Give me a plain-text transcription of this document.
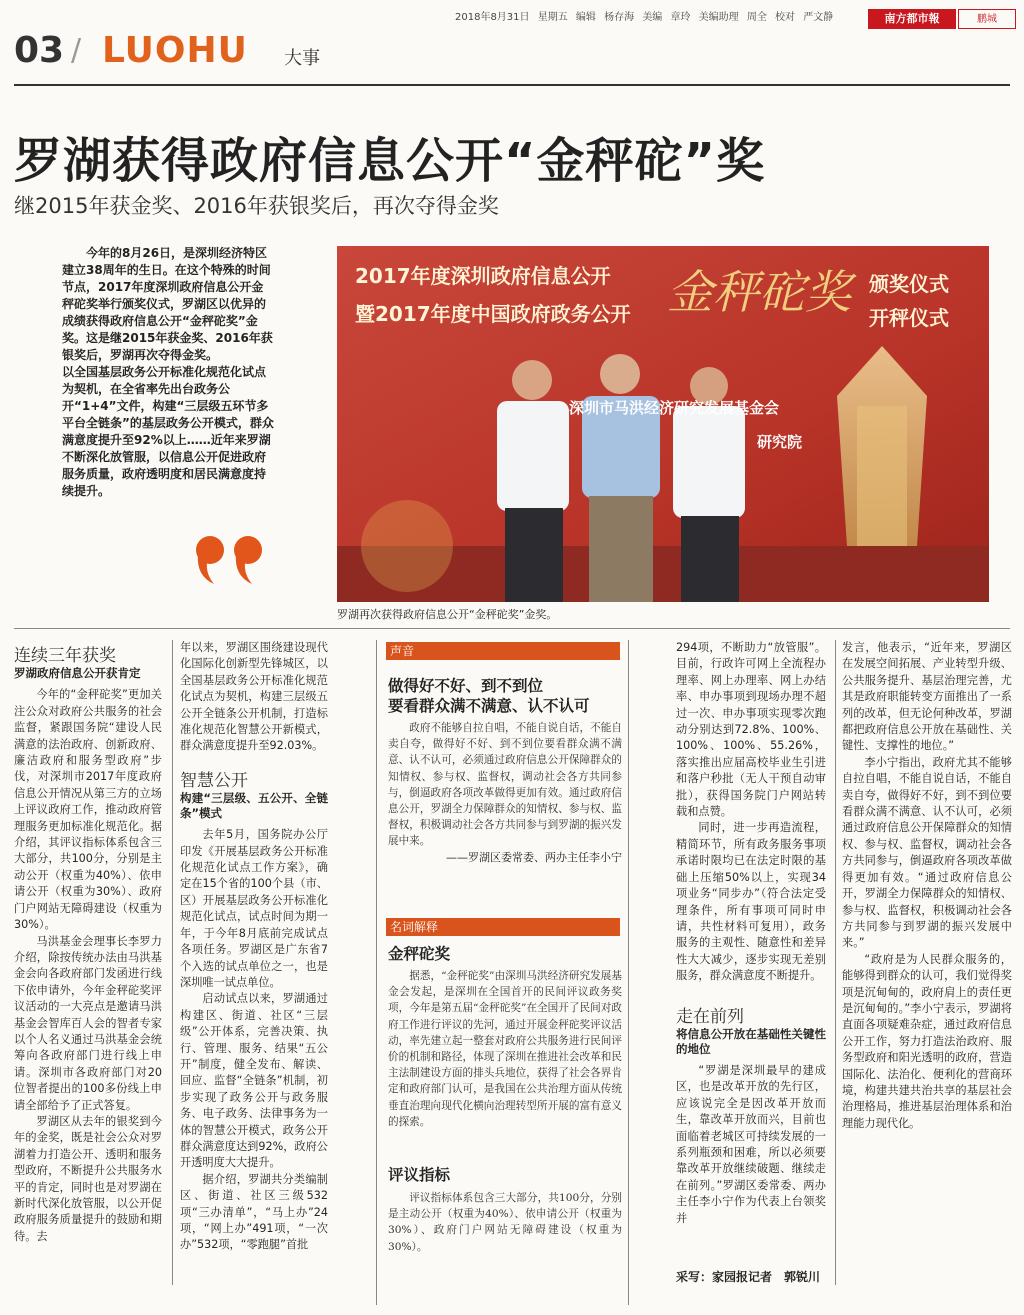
2018年8月31日 星期五 编辑 杨存海 美编 章玲 美编助理 周全 校对 严文静	南方都市報	鹏城
03 / LUOHU 大事
罗湖获得政府信息公开“金秤砣”奖
继2015年获金奖、2016年获银奖后，再次夺得金奖

今年的8月26日，是深圳经济特区建立38周年的生日。在这个特殊的时间节点，2017年度深圳政府信息公开金秤砣奖举行颁奖仪式，罗湖区以优异的成绩获得政府信息公开“金秤砣奖”金奖。这是继2015年获金奖、2016年获银奖后，罗湖再次夺得金奖。

以全国基层政务公开标准化规范化试点为契机，在全省率先出台政务公开“1+4”文件，构建“三层级五环节多平台全链条”的基层政务公开模式，群众满意度提升至92%以上……近年来罗湖不断深化放管服，以信息公开促进政府服务质量，政府透明度和居民满意度持续提升。

2017年度深圳政府信息公开
暨2017年度中国政府政务公开 金秤砣奖 颁奖仪式
开秤仪式
深圳市马洪经济研究发展基金会
研究院
罗湖再次获得政府信息公开“金秤砣奖”金奖。
连续三年获奖
罗湖政府信息公开获肯定

今年的“金秤砣奖”更加关注公众对政府公共服务的社会监督，紧跟国务院“建设人民满意的法治政府、创新政府、廉洁政府和服务型政府”步伐，对深圳市2017年度政府信息公开情况从第三方的立场上评议政府工作，推动政府管理服务更加标准化规范化。据介绍，其评议指标体系包含三大部分，共100分，分别是主动公开（权重为40%）、依申请公开（权重为30%）、政府门户网站无障碍建设（权重为30%）。

马洪基金会理事长李罗力介绍，除按传统办法由马洪基金会向各政府部门发函进行线下依申请外，今年金秤砣奖评议活动的一大亮点是邀请马洪基金会智库百人会的智者专家以个人名义通过马洪基金会统筹向各政府部门进行线上申请。深圳市各政府部门对20位智者提出的100多份线上申请全部给予了正式答复。

罗湖区从去年的银奖到今年的金奖，既是社会公众对罗湖着力打造公开、透明和服务型政府，不断提升公共服务水平的肯定，同时也是对罗湖在新时代深化放管服，以公开促政府服务质量提升的鼓励和期待。去

年以来，罗湖区围绕建设现代化国际化创新型先锋城区，以全国基层政务公开标准化规范化试点为契机，构建三层级五公开全链条公开机制，打造标准化规范化智慧公开新模式，群众满意度提升至92.03%。

智慧公开
构建“三层级、五公开、全链条”模式

去年5月，国务院办公厅印发《开展基层政务公开标准化规范化试点工作方案》，确定在15个省的100个县（市、区）开展基层政务公开标准化规范化试点，试点时间为期一年，于今年8月底前完成试点各项任务。罗湖区是广东省7个入选的试点单位之一，也是深圳唯一试点单位。

启动试点以来，罗湖通过构建区、街道、社区“三层级”公开体系，完善决策、执行、管理、服务、结果“五公开”制度，健全发布、解读、回应、监督“全链条”机制，初步实现了政务公开与政务服务、电子政务、法律事务为一体的智慧公开模式，政务公开群众满意度达到92%，政府公开透明度大大提升。

据介绍，罗湖共分类编制区、街道、社区三级532项“三办清单”，“马上办”24项，“网上办”491项，“一次办”532项，“零跑腿”首批

声音
做得好不好、到不到位
要看群众满不满意、认不认可

政府不能够自拉自唱，不能自说自话，不能自卖自夸，做得好不好、到不到位要看群众满不满意、认不认可，必须通过政府信息公开保障群众的知情权、参与权、监督权，调动社会各方共同参与，倒逼政府各项改革做得更加有效。通过政府信息公开，罗湖全力保障群众的知情权、参与权、监督权，积极调动社会各方共同参与到罗湖的振兴发展中来。

——罗湖区委常委、两办主任李小宁
名词解释
金秤砣奖

据悉，“金秤砣奖”由深圳马洪经济研究发展基金会发起，是深圳在全国首开的民间评议政务奖项，今年是第五届“金秤砣奖”在全国开了民间对政府工作进行评议的先河，通过开展金秤砣奖评议活动，率先建立起一整套对政府公共服务进行民间评价的机制和路径，体现了深圳在推进社会改革和民主法制建设方面的排头兵地位，获得了社会各界肯定和政府部门认可，是我国在公共治理方面从传统垂直治理向现代化横向治理转型所开展的富有意义的探索。

评议指标

评议指标体系包含三大部分，共100分，分别是主动公开（权重为40%）、依申请公开（权重为30%）、政府门户网站无障碍建设（权重为30%）。

294项，不断助力“放管服”。目前，行政许可网上全流程办理率、网上办理率、网上办结率、申办事项到现场办理不超过一次、申办事项实现零次跑动分别达到72.8%、100%、100%、100%、55.26%，落实推出应届高校毕业生引进和落户秒批（无人干预自动审批），获得国务院门户网站转载和点赞。

同时，进一步再造流程，精简环节，所有政务服务事项承诺时限均已在法定时限的基础上压缩50%以上，实现34项业务“同步办”（符合法定受理条件，所有事项可同时申请，共性材料可复用），政务服务的主观性、随意性和差异性大大减少，逐步实现无差别服务，群众满意度不断提升。

走在前列
将信息公开放在基础性关键性的地位

“罗湖是深圳最早的建成区，也是改革开放的先行区，应该说完全是因改革开放而生，靠改革开放而兴，目前也面临着老城区可持续发展的一系列瓶颈和困难，所以必须要靠改革开放继续破题、继续走在前列。”罗湖区委常委、两办主任李小宁作为代表上台领奖并

采写：家园报记者　郭锐川

发言，他表示，“近年来，罗湖区在发展空间拓展、产业转型升级、公共服务提升、基层治理完善，尤其是政府职能转变方面推出了一系列的改革，但无论何种改革，罗湖都把政府信息公开放在基础性、关键性、支撑性的地位。”

李小宁指出，政府尤其不能够自拉自唱，不能自说自话，不能自卖自夸，做得好不好，到不到位要看群众满不满意、认不认可，必须通过政府信息公开保障群众的知情权、参与权、监督权，调动社会各方共同参与，倒逼政府各项改革做得更加有效。“通过政府信息公开，罗湖全力保障群众的知情权、参与权、监督权，积极调动社会各方共同参与到罗湖的振兴发展中来。”

“政府是为人民群众服务的，能够得到群众的认可，我们觉得奖项是沉甸甸的，政府肩上的责任更是沉甸甸的。”李小宁表示，罗湖将直面各项疑难杂症，通过政府信息公开工作，努力打造法治政府、服务型政府和阳光透明的政府，营造国际化、法治化、便利化的营商环境，构建共建共治共享的基层社会治理格局，推进基层治理体系和治理能力现代化。
